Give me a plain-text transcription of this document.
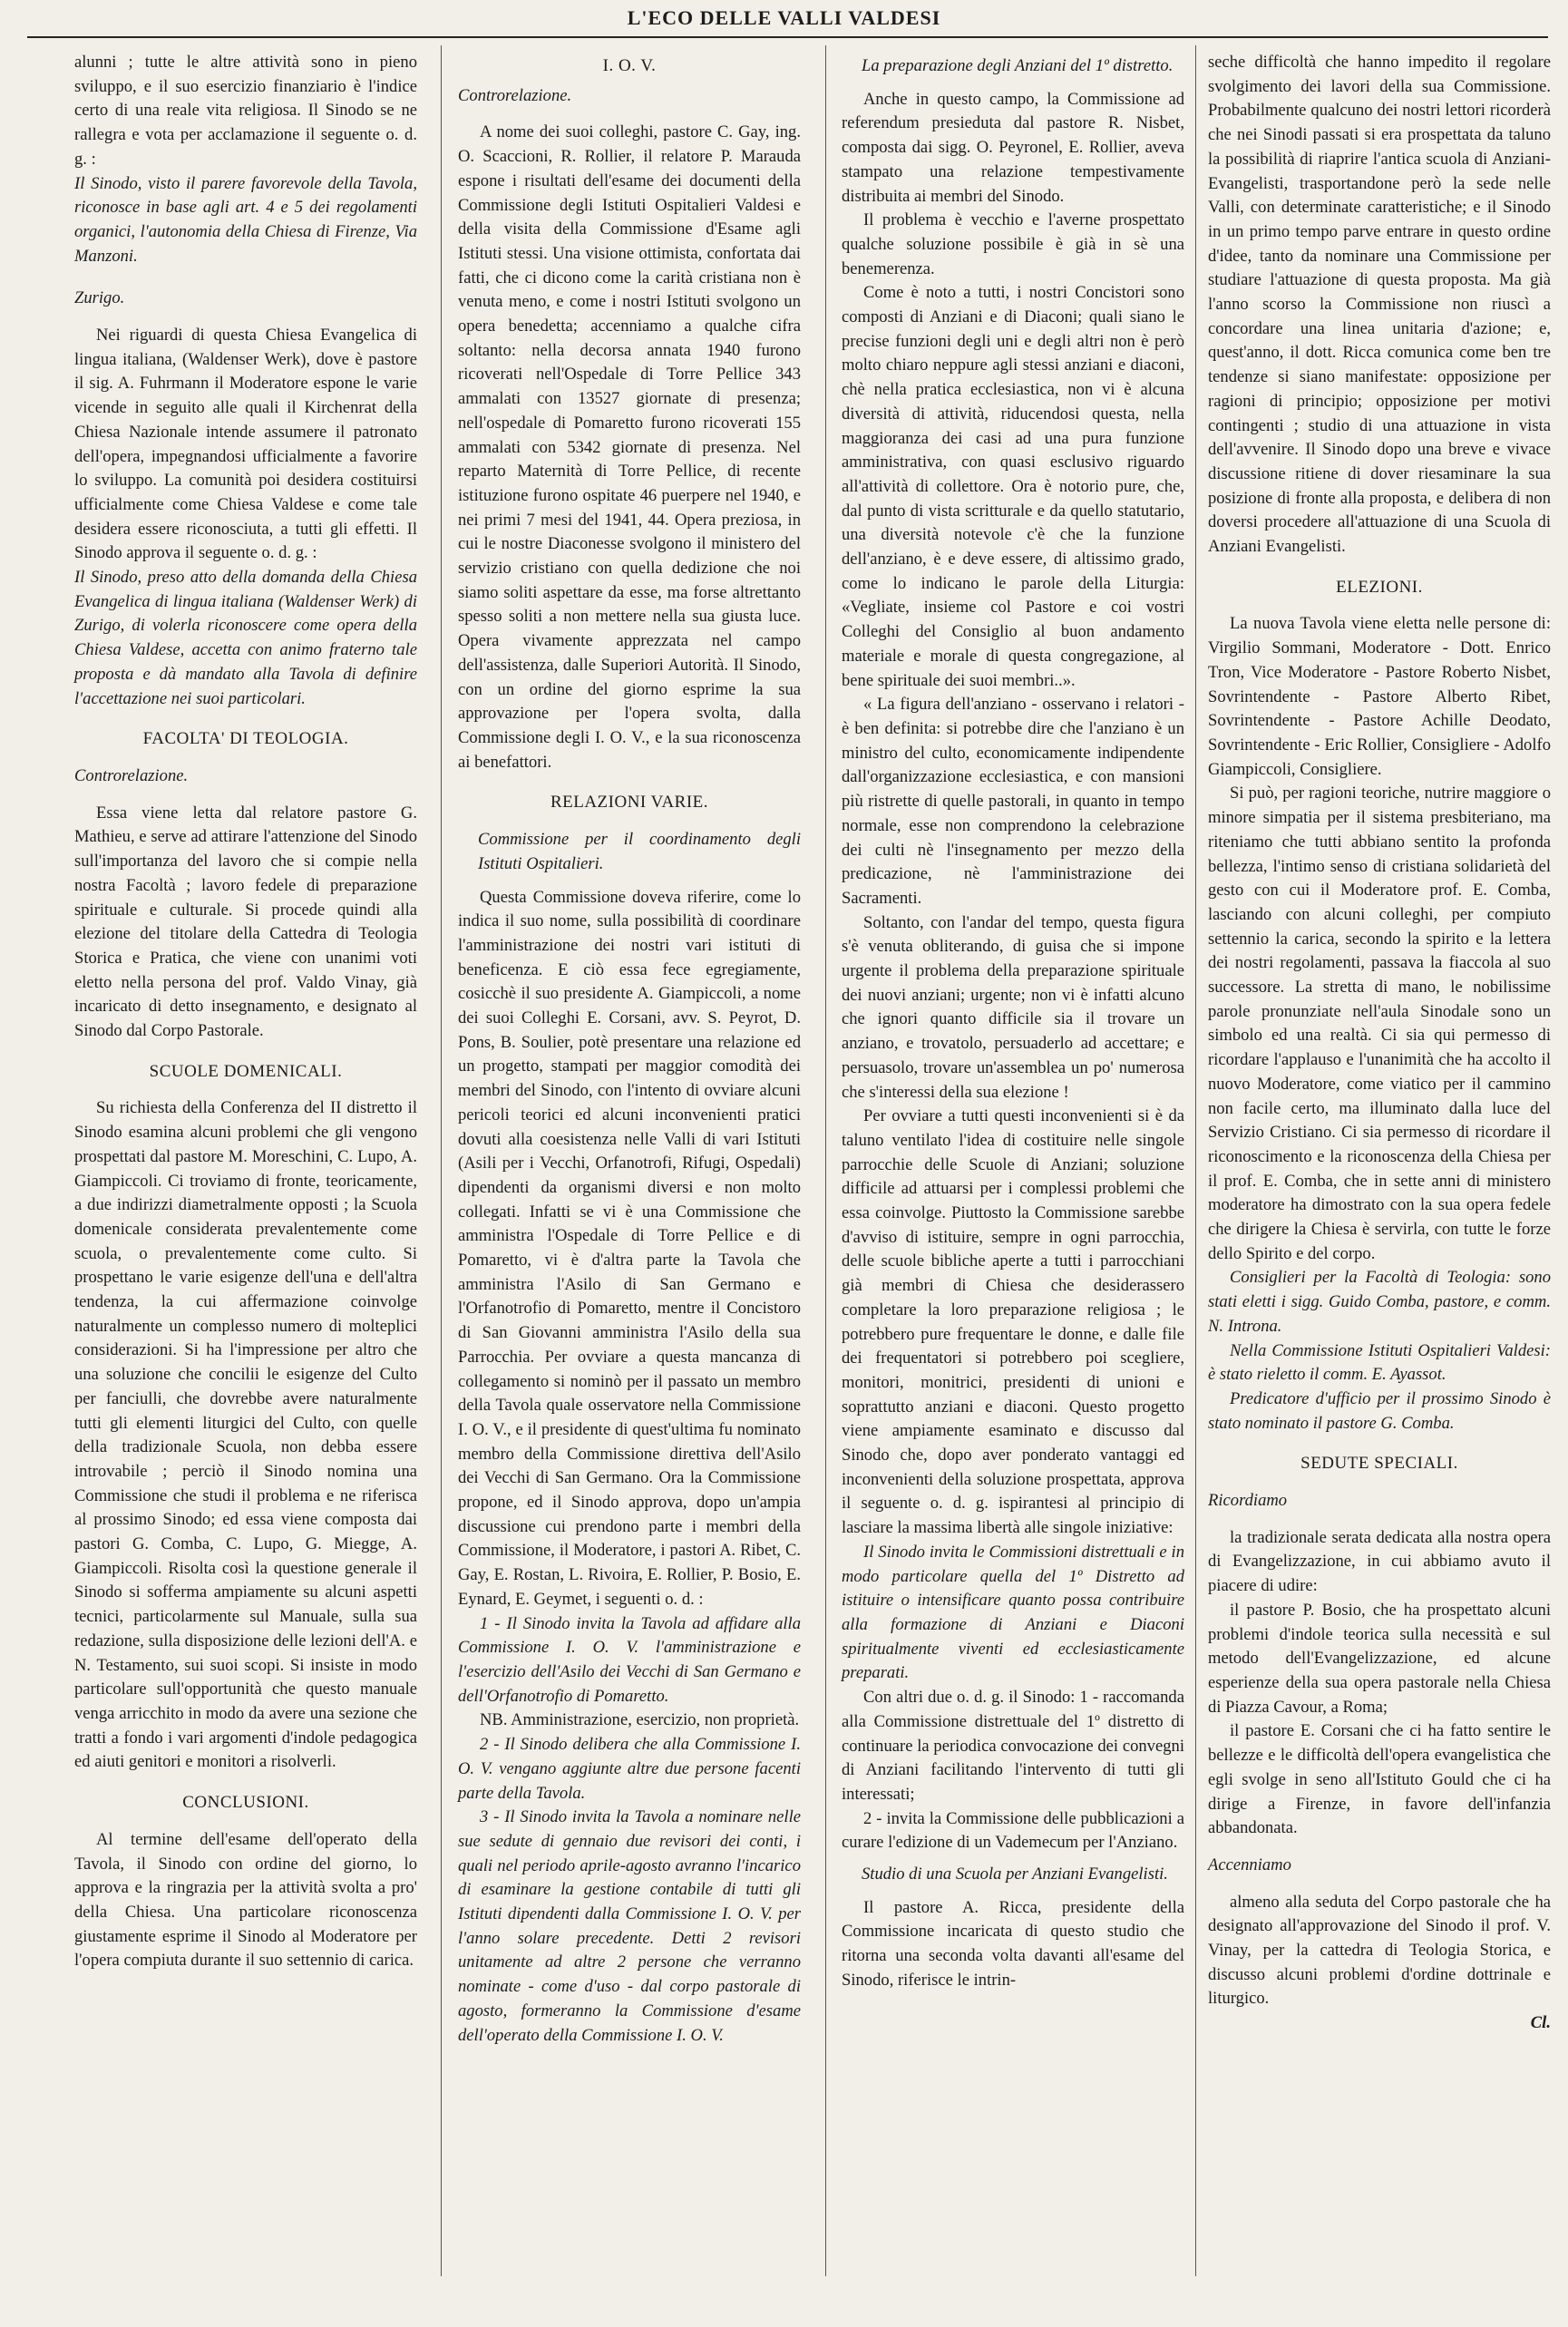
L'ECO DELLE VALLI VALDESI

alunni ; tutte le altre attività sono in pieno sviluppo, e il suo esercizio finanziario è l'indice certo di una reale vita religiosa. Il Sinodo se ne rallegra e vota per acclamazione il seguente o. d. g. :

Il Sinodo, visto il parere favorevole della Tavola, riconosce in base agli art. 4 e 5 dei regolamenti organici, l'autonomia della Chiesa di Firenze, Via Manzoni.

Zurigo.

Nei riguardi di questa Chiesa Evangelica di lingua italiana, (Waldenser Werk), dove è pastore il sig. A. Fuhrmann il Moderatore espone le varie vicende in seguito alle quali il Kirchenrat della Chiesa Nazionale intende assumere il patronato dell'opera, impegnandosi ufficialmente a favorire lo sviluppo. La comunità poi desidera costituirsi ufficialmente come Chiesa Valdese e come tale desidera essere riconosciuta, a tutti gli effetti. Il Sinodo approva il seguente o. d. g. :

Il Sinodo, preso atto della domanda della Chiesa Evangelica di lingua italiana (Waldenser Werk) di Zurigo, di volerla riconoscere come opera della Chiesa Valdese, accetta con animo fraterno tale proposta e dà mandato alla Tavola di definire l'accettazione nei suoi particolari.

FACOLTA' DI TEOLOGIA.

Controrelazione.

Essa viene letta dal relatore pastore G. Mathieu, e serve ad attirare l'attenzione del Sinodo sull'importanza del lavoro che si compie nella nostra Facoltà ; lavoro fedele di preparazione spirituale e culturale. Si procede quindi alla elezione del titolare della Cattedra di Teologia Storica e Pratica, che viene con unanimi voti eletto nella persona del prof. Valdo Vinay, già incaricato di detto insegnamento, e designato al Sinodo dal Corpo Pastorale.

SCUOLE DOMENICALI.

Su richiesta della Conferenza del II distretto il Sinodo esamina alcuni problemi che gli vengono prospettati dal pastore M. Moreschini, C. Lupo, A. Giampiccoli. Ci troviamo di fronte, teoricamente, a due indirizzi diametralmente opposti ; la Scuola domenicale considerata prevalentemente come scuola, o prevalentemente come culto. Si prospettano le varie esigenze dell'una e dell'altra tendenza, la cui affermazione coinvolge naturalmente un complesso numero di molteplici considerazioni. Si ha l'impressione per altro che una soluzione che concilii le esigenze del Culto per fanciulli, che dovrebbe avere naturalmente tutti gli elementi liturgici del Culto, con quelle della tradizionale Scuola, non debba essere introvabile ; perciò il Sinodo nomina una Commissione che studi il problema e ne riferisca al prossimo Sinodo; ed essa viene composta dai pastori G. Comba, C. Lupo, G. Miegge, A. Giampiccoli. Risolta così la questione generale il Sinodo si sofferma ampiamente su alcuni aspetti tecnici, particolarmente sul Manuale, sulla sua redazione, sulla disposizione delle lezioni dell'A. e N. Testamento, sui suoi scopi. Si insiste in modo particolare sull'opportunità che questo manuale venga arricchito in modo da avere una sezione che tratti a fondo i vari argomenti d'indole pedagogica ed aiuti genitori e monitori a risolverli.

CONCLUSIONI.

Al termine dell'esame dell'operato della Tavola, il Sinodo con ordine del giorno, lo approva e la ringrazia per la attività svolta a pro' della Chiesa. Una particolare riconoscenza giustamente esprime il Sinodo al Moderatore per l'opera compiuta durante il suo settennio di carica.

I. O. V.

Controrelazione.

A nome dei suoi colleghi, pastore C. Gay, ing. O. Scaccioni, R. Rollier, il relatore P. Marauda espone i risultati dell'esame dei documenti della Commissione degli Istituti Ospitalieri Valdesi e della visita della Commissione d'Esame agli Istituti stessi. Una visione ottimista, confortata dai fatti, che ci dicono come la carità cristiana non è venuta meno, e come i nostri Istituti svolgono un opera benedetta; accenniamo a qualche cifra soltanto: nella decorsa annata 1940 furono ricoverati nell'Ospedale di Torre Pellice 343 ammalati con 13527 giornate di presenza; nell'ospedale di Pomaretto furono ricoverati 155 ammalati con 5342 giornate di presenza. Nel reparto Maternità di Torre Pellice, di recente istituzione furono ospitate 46 puerpere nel 1940, e nei primi 7 mesi del 1941, 44. Opera preziosa, in cui le nostre Diaconesse svolgono il ministero del servizio cristiano con quella dedizione che noi siamo soliti aspettare da esse, ma forse altrettanto spesso soliti a non mettere nella sua giusta luce. Opera vivamente apprezzata nel campo dell'assistenza, dalle Superiori Autorità. Il Sinodo, con un ordine del giorno esprime la sua approvazione per l'opera svolta, dalla Commissione degli I. O. V., e la sua riconoscenza ai benefattori.

RELAZIONI VARIE.

Commissione per il coordinamento degli Istituti Ospitalieri.

Questa Commissione doveva riferire, come lo indica il suo nome, sulla possibilità di coordinare l'amministrazione dei nostri vari istituti di beneficenza. E ciò essa fece egregiamente, cosicchè il suo presidente A. Giampiccoli, a nome dei suoi Colleghi E. Corsani, avv. S. Peyrot, D. Pons, B. Soulier, potè presentare una relazione ed un progetto, stampati per maggior comodità dei membri del Sinodo, con l'intento di ovviare alcuni pericoli teorici ed alcuni inconvenienti pratici dovuti alla coesistenza nelle Valli di vari Istituti (Asili per i Vecchi, Orfanotrofi, Rifugi, Ospedali) dipendenti da organismi diversi e non molto collegati. Infatti se vi è una Commissione che amministra l'Ospedale di Torre Pellice e di Pomaretto, vi è d'altra parte la Tavola che amministra l'Asilo di San Germano e l'Orfanotrofio di Pomaretto, mentre il Concistoro di San Giovanni amministra l'Asilo della sua Parrocchia. Per ovviare a questa mancanza di collegamento si nominò per il passato un membro della Tavola quale osservatore nella Commissione I. O. V., e il presidente di quest'ultima fu nominato membro della Commissione direttiva dell'Asilo dei Vecchi di San Germano. Ora la Commissione propone, ed il Sinodo approva, dopo un'ampia discussione cui prendono parte i membri della Commissione, il Moderatore, i pastori A. Ribet, C. Gay, E. Rostan, L. Rivoira, E. Rollier, P. Bosio, E. Eynard, E. Geymet, i seguenti o. d. :

1 - Il Sinodo invita la Tavola ad affidare alla Commissione I. O. V. l'amministrazione e l'esercizio dell'Asilo dei Vecchi di San Germano e dell'Orfanotrofio di Pomaretto.

NB. Amministrazione, esercizio, non proprietà.

2 - Il Sinodo delibera che alla Commissione I. O. V. vengano aggiunte altre due persone facenti parte della Tavola.

3 - Il Sinodo invita la Tavola a nominare nelle sue sedute di gennaio due revisori dei conti, i quali nel periodo aprile-agosto avranno l'incarico di esaminare la gestione contabile di tutti gli Istituti dipendenti dalla Commissione I. O. V. per l'anno solare precedente. Detti 2 revisori unitamente ad altre 2 persone che verranno nominate - come d'uso - dal corpo pastorale di agosto, formeranno la Commissione d'esame dell'operato della Commissione I. O. V.

La preparazione degli Anziani del 1º distretto.

Anche in questo campo, la Commissione ad referendum presieduta dal pastore R. Nisbet, composta dai sigg. O. Peyronel, E. Rollier, aveva stampato una relazione tempestivamente distribuita ai membri del Sinodo.

Il problema è vecchio e l'averne prospettato qualche soluzione possibile è già in sè una benemerenza.

Come è noto a tutti, i nostri Concistori sono composti di Anziani e di Diaconi; quali siano le precise funzioni degli uni e degli altri non è però molto chiaro neppure agli stessi anziani e diaconi, chè nella pratica ecclesiastica, non vi è alcuna diversità di attività, riducendosi questa, nella maggioranza dei casi ad una pura funzione amministrativa, con quasi esclusivo riguardo all'attività di collettore. Ora è notorio pure, che, dal punto di vista scritturale e da quello statutario, una diversità notevole c'è che la funzione dell'anziano, è e deve essere, di altissimo grado, come lo indicano le parole della Liturgia: «Vegliate, insieme col Pastore e coi vostri Colleghi del Consiglio al buon andamento materiale e morale di questa congregazione, al bene spirituale dei suoi membri..».

« La figura dell'anziano - osservano i relatori - è ben definita: si potrebbe dire che l'anziano è un ministro del culto, economicamente indipendente dall'organizzazione ecclesiastica, e con mansioni più ristrette di quelle pastorali, in quanto in tempo normale, esse non comprendono la celebrazione dei culti nè l'insegnamento per mezzo della predicazione, nè l'amministrazione dei Sacramenti.

Soltanto, con l'andar del tempo, questa figura s'è venuta obliterando, di guisa che si impone urgente il problema della preparazione spirituale dei nuovi anziani; urgente; non vi è infatti alcuno che ignori quanto difficile sia il trovare un anziano, e trovatolo, persuaderlo ad accettare; e persuasolo, trovare un'assemblea un po' numerosa che s'interessi della sua elezione !

Per ovviare a tutti questi inconvenienti si è da taluno ventilato l'idea di costituire nelle singole parrocchie delle Scuole di Anziani; soluzione difficile ad attuarsi per i complessi problemi che essa coinvolge. Piuttosto la Commissione sarebbe d'avviso di istituire, sempre in ogni parrocchia, delle scuole bibliche aperte a tutti i parrocchiani già membri di Chiesa che desiderassero completare la loro preparazione religiosa ; le potrebbero pure frequentare le donne, e dalle file dei frequentatori si potrebbero poi scegliere, monitori, monitrici, presidenti di unioni e soprattutto anziani e diaconi. Questo progetto viene ampiamente esaminato e discusso dal Sinodo che, dopo aver ponderato vantaggi ed inconvenienti della soluzione prospettata, approva il seguente o. d. g. ispirantesi al principio di lasciare la massima libertà alle singole iniziative:

Il Sinodo invita le Commissioni distrettuali e in modo particolare quella del 1º Distretto ad istituire o intensificare quanto possa contribuire alla formazione di Anziani e Diaconi spiritualmente viventi ed ecclesiasticamente preparati.

Con altri due o. d. g. il Sinodo: 1 - raccomanda alla Commissione distrettuale del 1º distretto di continuare la periodica convocazione dei convegni di Anziani facilitando l'intervento di tutti gli interessati;

2 - invita la Commissione delle pubblicazioni a curare l'edizione di un Vademecum per l'Anziano.

Studio di una Scuola per Anziani Evangelisti.

Il pastore A. Ricca, presidente della Commissione incaricata di questo studio che ritorna una seconda volta davanti all'esame del Sinodo, riferisce le intrin-

seche difficoltà che hanno impedito il regolare svolgimento dei lavori della sua Commissione. Probabilmente qualcuno dei nostri lettori ricorderà che nei Sinodi passati si era prospettata da taluno la possibilità di riaprire l'antica scuola di Anziani-Evangelisti, trasportandone però la sede nelle Valli, con determinate caratteristiche; e il Sinodo in un primo tempo parve entrare in questo ordine d'idee, tanto da nominare una Commissione per studiare l'attuazione di questa proposta. Ma già l'anno scorso la Commissione non riuscì a concordare una linea unitaria d'azione; e, quest'anno, il dott. Ricca comunica come ben tre tendenze si siano manifestate: opposizione per ragioni di principio; opposizione per motivi contingenti ; studio di una attuazione in vista dell'avvenire. Il Sinodo dopo una breve e vivace discussione ritiene di dover riesaminare la sua posizione di fronte alla proposta, e delibera di non doversi procedere all'attuazione di una Scuola di Anziani Evangelisti.

ELEZIONI.

La nuova Tavola viene eletta nelle persone di: Virgilio Sommani, Moderatore - Dott. Enrico Tron, Vice Moderatore - Pastore Roberto Nisbet, Sovrintendente - Pastore Alberto Ribet, Sovrintendente - Pastore Achille Deodato, Sovrintendente - Eric Rollier, Consigliere - Adolfo Giampiccoli, Consigliere.

Si può, per ragioni teoriche, nutrire maggiore o minore simpatia per il sistema presbiteriano, ma riteniamo che tutti abbiano sentito la profonda bellezza, l'intimo senso di cristiana solidarietà del gesto con cui il Moderatore prof. E. Comba, lasciando con alcuni colleghi, per compiuto settennio la carica, secondo la spirito e la lettera dei nostri regolamenti, passava la fiaccola al suo successore. La stretta di mano, le nobilissime parole pronunziate nell'aula Sinodale sono un simbolo ed una realtà. Ci sia qui permesso di ricordare l'applauso e l'unanimità che ha accolto il nuovo Moderatore, come viatico per il cammino non facile certo, ma illuminato dalla luce del Servizio Cristiano. Ci sia permesso di ricordare il riconoscimento e la riconoscenza della Chiesa per il prof. E. Comba, che in sette anni di ministero moderatore ha dimostrato con la sua opera fedele che dirigere la Chiesa è servirla, con tutte le forze dello Spirito e del corpo.

Consiglieri per la Facoltà di Teologia: sono stati eletti i sigg. Guido Comba, pastore, e comm. N. Introna.

Nella Commissione Istituti Ospitalieri Valdesi: è stato rieletto il comm. E. Ayassot.

Predicatore d'ufficio per il prossimo Sinodo è stato nominato il pastore G. Comba.

SEDUTE SPECIALI.

Ricordiamo

la tradizionale serata dedicata alla nostra opera di Evangelizzazione, in cui abbiamo avuto il piacere di udire:

il pastore P. Bosio, che ha prospettato alcuni problemi d'indole teorica sulla necessità e sul metodo dell'Evangelizzazione, ed alcune esperienze della sua opera pastorale nella Chiesa di Piazza Cavour, a Roma;

il pastore E. Corsani che ci ha fatto sentire le bellezze e le difficoltà dell'opera evangelistica che egli svolge in seno all'Istituto Gould che ci ha dirige a Firenze, in favore dell'infanzia abbandonata.

Accenniamo

almeno alla seduta del Corpo pastorale che ha designato all'approvazione del Sinodo il prof. V. Vinay, per la cattedra di Teologia Storica, e discusso alcuni problemi d'ordine dottrinale e liturgico.

Cl.
